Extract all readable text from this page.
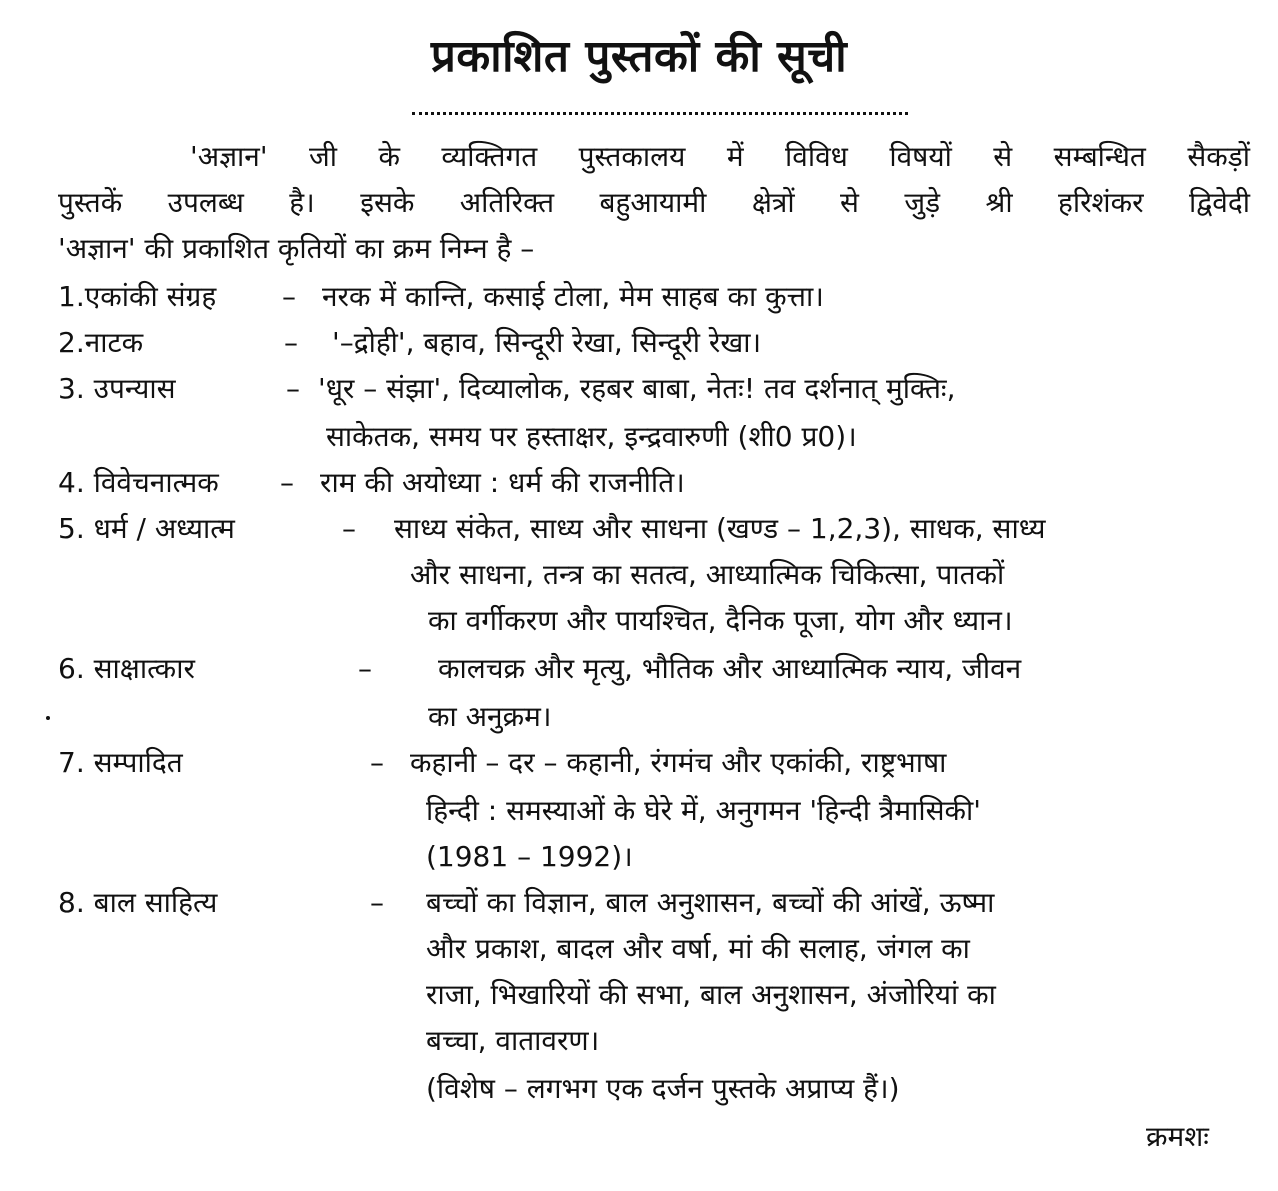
प्रकाशित पुस्तकों की सूची
'अज्ञान' जी के व्यक्तिगत पुस्तकालय में विविध विषयों से सम्बन्धित सैकड़ों
पुस्तकें उपलब्ध है। इसके अतिरिक्त बहुआयामी क्षेत्रों से जुड़े श्री हरिशंकर द्विवेदी
'अज्ञान' की प्रकाशित कृतियों का क्रम निम्न है –
1.एकांकी संग्रह – नरक में कान्ति, कसाई टोला, मेम साहब का कुत्ता।
2.नाटक	– '–द्रोही', बहाव, सिन्दूरी रेखा, सिन्दूरी रेखा।
3. उपन्यास	– 'धूर – संझा', दिव्यालोक, रहबर बाबा, नेतः! तव दर्शनात् मुक्तिः,
साकेतक, समय पर हस्ताक्षर, इन्द्रवारुणी (शी0 प्र0)।
4. विवेचनात्मक – राम की अयोध्या : धर्म की राजनीति।
5. धर्म / अध्यात्म	– साध्य संकेत, साध्य और साधना (खण्ड – 1,2,3), साधक, साध्य
और साधना, तन्त्र का सतत्व, आध्यात्मिक चिकित्सा, पातकों
का वर्गीकरण और पायश्चित, दैनिक पूजा, योग और ध्यान।
6. साक्षात्कार	– कालचक्र और मृत्यु, भौतिक और आध्यात्मिक न्याय, जीवन
का अनुक्रम।
7. सम्पादित	– कहानी – दर – कहानी, रंगमंच और एकांकी, राष्ट्रभाषा
हिन्दी : समस्याओं के घेरे में, अनुगमन 'हिन्दी त्रैमासिकी'
(1981 – 1992)।
8. बाल साहित्य	– बच्चों का विज्ञान, बाल अनुशासन, बच्चों की आंखें, ऊष्मा
और प्रकाश, बादल और वर्षा, मां की सलाह, जंगल का
राजा, भिखारियों की सभा, बाल अनुशासन, अंजोरियां का
बच्चा, वातावरण।
(विशेष – लगभग एक दर्जन पुस्तके अप्राप्य हैं।)
क्रमशः
